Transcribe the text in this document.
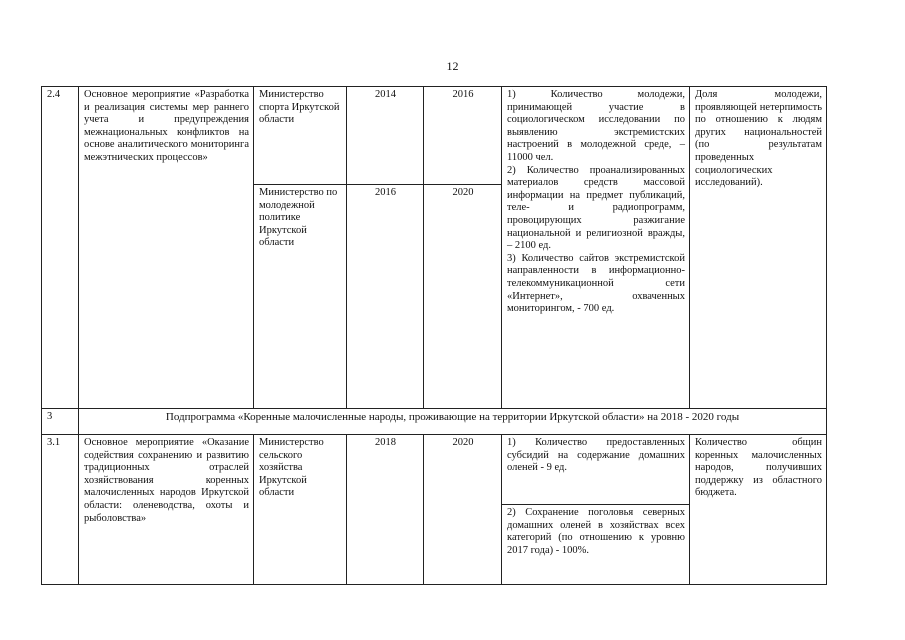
12
2.4	Основное мероприятие «Разработка и реализация системы мер раннего учета и предупреждения межнациональных конфликтов на основе аналитического мониторинга межэтнических процессов»	Министерство спорта Иркутской области	2014	2016	1) Количество молодежи, принимающей участие в социологическом исследовании по выявлению экстремистских настроений в молодежной среде, – 11000 чел.
2) Количество проанализированных материалов средств массовой информации на предмет публикаций, теле- и радиопрограмм, провоцирующих разжигание национальной и религиозной вражды, – 2100 ед.
3) Количество сайтов экстремистской направленности в информационно-телекоммуникационной сети «Интернет», охваченных мониторингом, - 700 ед.	Доля молодежи, проявляющей нетерпимость по отношению к людям других национальностей (по результатам проведенных социологических исследований).
		Министерство по молодежной политике Иркутской области	2016	2020		
3	Подпрограмма «Коренные малочисленные народы, проживающие на территории Иркутской области» на 2018 - 2020 годы					
3.1	Основное мероприятие «Оказание содействия сохранению и развитию традиционных отраслей хозяйствования коренных малочисленных народов Иркутской области: оленеводства, охоты и рыболовства»	Министерство сельского хозяйства Иркутской области	2018	2020	1) Количество предоставленных субсидий на содержание домашних оленей - 9 ед.	Количество общин коренных малочисленных народов, получивших поддержку из областного бюджета.
					2) Сохранение поголовья северных домашних оленей в хозяйствах всех категорий (по отношению к уровню 2017 года) - 100%.	
